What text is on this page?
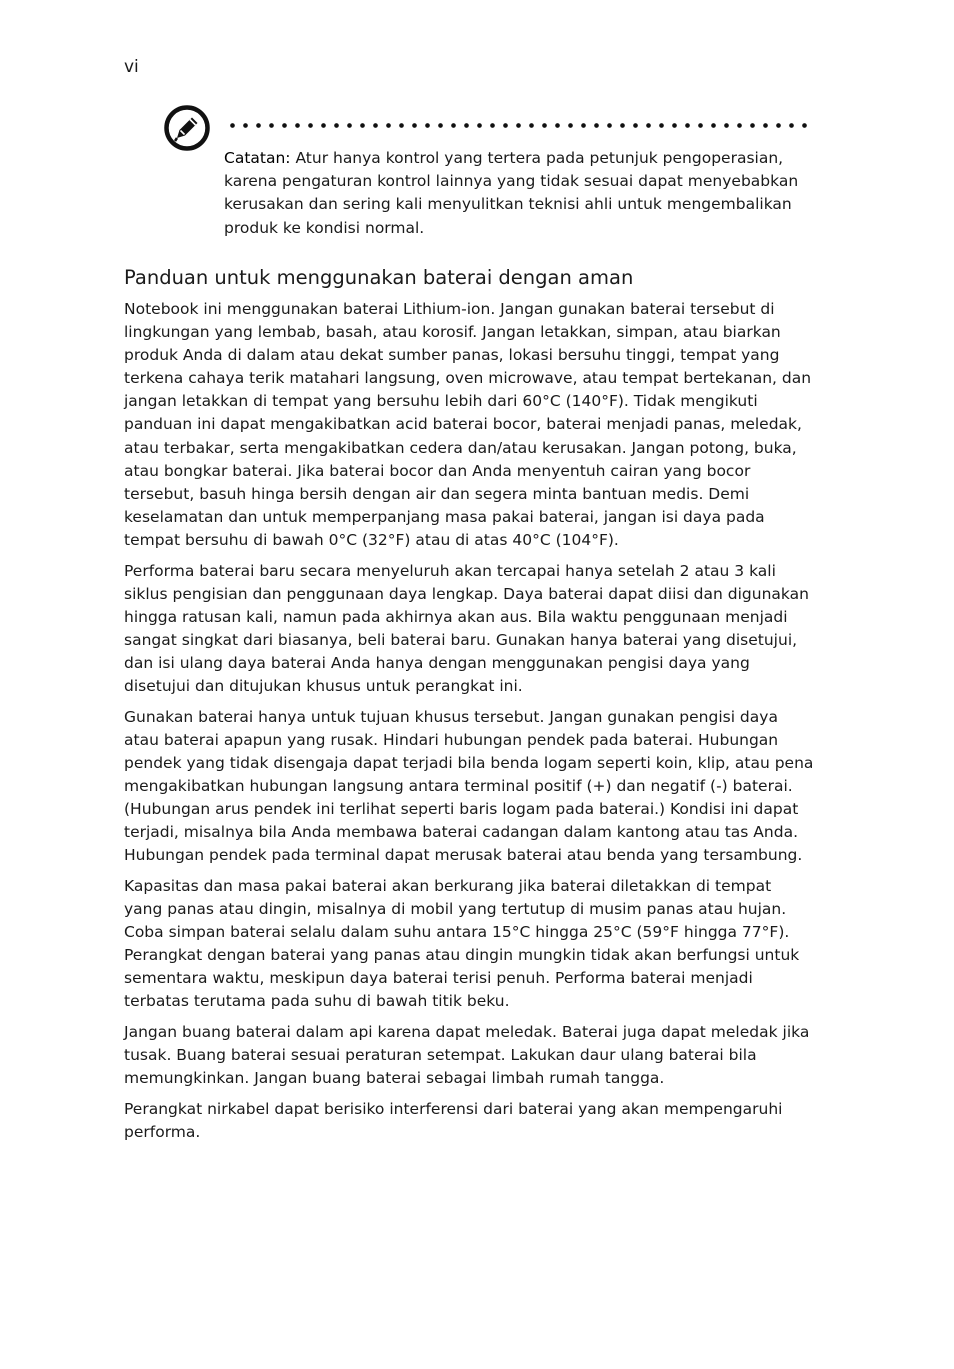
vi

Catatan: Atur hanya kontrol yang tertera pada petunjuk pengoperasian, karena pengaturan kontrol lainnya yang tidak sesuai dapat menyebabkan kerusakan dan sering kali menyulitkan teknisi ahli untuk mengembalikan produk ke kondisi normal.

Panduan untuk menggunakan baterai dengan aman

Notebook ini menggunakan baterai Lithium-ion. Jangan gunakan baterai tersebut di lingkungan yang lembab, basah, atau korosif. Jangan letakkan, simpan, atau biarkan produk Anda di dalam atau dekat sumber panas, lokasi bersuhu tinggi, tempat yang terkena cahaya terik matahari langsung, oven microwave, atau tempat bertekanan, dan jangan letakkan di tempat yang bersuhu lebih dari 60°C (140°F). Tidak mengikuti panduan ini dapat mengakibatkan acid baterai bocor, baterai menjadi panas, meledak, atau terbakar, serta mengakibatkan cedera dan/atau kerusakan. Jangan potong, buka, atau bongkar baterai. Jika baterai bocor dan Anda menyentuh cairan yang bocor tersebut, basuh hinga bersih dengan air dan segera minta bantuan medis. Demi keselamatan dan untuk memperpanjang masa pakai baterai, jangan isi daya pada tempat bersuhu di bawah 0°C (32°F) atau di atas 40°C (104°F).

Performa baterai baru secara menyeluruh akan tercapai hanya setelah 2 atau 3 kali siklus pengisian dan penggunaan daya lengkap. Daya baterai dapat diisi dan digunakan hingga ratusan kali, namun pada akhirnya akan aus. Bila waktu penggunaan menjadi sangat singkat dari biasanya, beli baterai baru. Gunakan hanya baterai yang disetujui, dan isi ulang daya baterai Anda hanya dengan menggunakan pengisi daya yang disetujui dan ditujukan khusus untuk perangkat ini.

Gunakan baterai hanya untuk tujuan khusus tersebut. Jangan gunakan pengisi daya atau baterai apapun yang rusak. Hindari hubungan pendek pada baterai. Hubungan pendek yang tidak disengaja dapat terjadi bila benda logam seperti koin, klip, atau pena mengakibatkan hubungan langsung antara terminal positif (+) dan negatif (-) baterai. (Hubungan arus pendek ini terlihat seperti baris logam pada baterai.) Kondisi ini dapat terjadi, misalnya bila Anda membawa baterai cadangan dalam kantong atau tas Anda. Hubungan pendek pada terminal dapat merusak baterai atau benda yang tersambung.

Kapasitas dan masa pakai baterai akan berkurang jika baterai diletakkan di tempat yang panas atau dingin, misalnya di mobil yang tertutup di musim panas atau hujan. Coba simpan baterai selalu dalam suhu antara 15°C hingga 25°C (59°F hingga 77°F). Perangkat dengan baterai yang panas atau dingin mungkin tidak akan berfungsi untuk sementara waktu, meskipun daya baterai terisi penuh. Performa baterai menjadi terbatas terutama pada suhu di bawah titik beku.

Jangan buang baterai dalam api karena dapat meledak. Baterai juga dapat meledak jika tusak. Buang baterai sesuai peraturan setempat. Lakukan daur ulang baterai bila memungkinkan. Jangan buang baterai sebagai limbah rumah tangga.

Perangkat nirkabel dapat berisiko interferensi dari baterai yang akan mempengaruhi performa.
